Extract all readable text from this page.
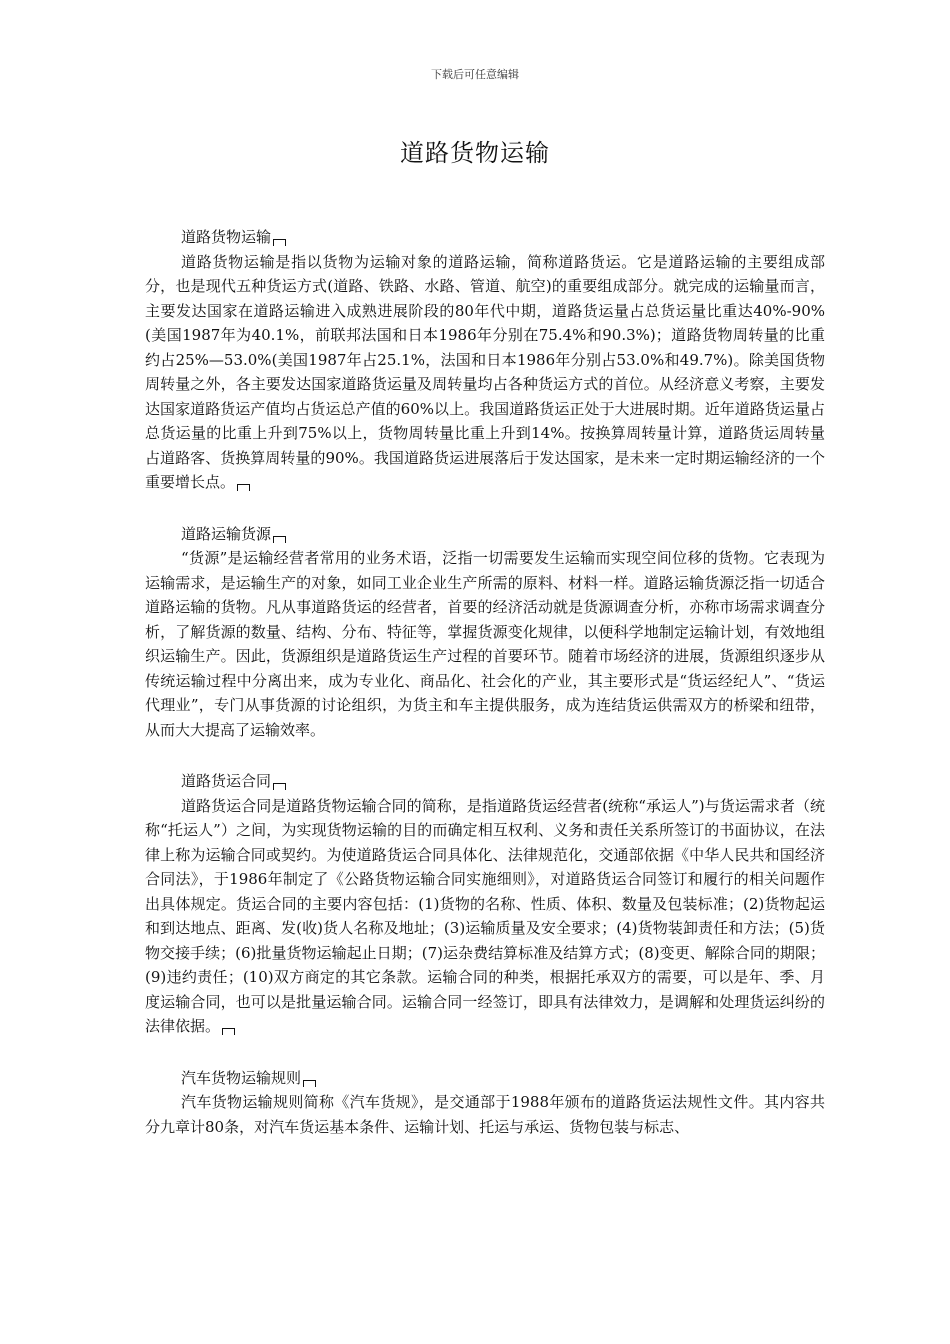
下载后可任意编辑
道路货物运输

道路货物运输

道路货物运输是指以货物为运输对象的道路运输，简称道路货运。它是道路运输的主要组成部分，也是现代五种货运方式(道路、铁路、水路、管道、航空)的重要组成部分。就完成的运输量而言，主要发达国家在道路运输进入成熟进展阶段的80年代中期，道路货运量占总货运量比重达40%-90%(美国1987年为40.1%，前联邦法国和日本1986年分别在75.4%和90.3%)；道路货物周转量的比重约占25%—53.0%(美国1987年占25.1%，法国和日本1986年分别占53.0%和49.7%)。除美国货物周转量之外，各主要发达国家道路货运量及周转量均占各种货运方式的首位。从经济意义考察，主要发达国家道路货运产值均占货运总产值的60%以上。我国道路货运正处于大进展时期。近年道路货运量占总货运量的比重上升到75%以上，货物周转量比重上升到14%。按换算周转量计算，道路货运周转量占道路客、货换算周转量的90%。我国道路货运进展落后于发达国家，是未来一定时期运输经济的一个重要增长点。

道路运输货源

“货源”是运输经营者常用的业务术语，泛指一切需要发生运输而实现空间位移的货物。它表现为运输需求，是运输生产的对象，如同工业企业生产所需的原料、材料一样。道路运输货源泛指一切适合道路运输的货物。凡从事道路货运的经营者，首要的经济活动就是货源调查分析，亦称市场需求调查分析，了解货源的数量、结构、分布、特征等，掌握货源变化规律，以便科学地制定运输计划，有效地组织运输生产。因此，货源组织是道路货运生产过程的首要环节。随着市场经济的进展，货源组织逐步从传统运输过程中分离出来，成为专业化、商品化、社会化的产业，其主要形式是“货运经纪人”、“货运代理业”，专门从事货源的讨论组织，为货主和车主提供服务，成为连结货运供需双方的桥梁和纽带，从而大大提高了运输效率。

道路货运合同

道路货运合同是道路货物运输合同的简称，是指道路货运经营者(统称“承运人”)与货运需求者（统称“托运人”）之间，为实现货物运输的目的而确定相互权利、义务和责任关系所签订的书面协议，在法律上称为运输合同或契约。为使道路货运合同具体化、法律规范化，交通部依据《中华人民共和国经济合同法》，于1986年制定了《公路货物运输合同实施细则》，对道路货运合同签订和履行的相关问题作出具体规定。货运合同的主要内容包括：(1)货物的名称、性质、体积、数量及包装标准；(2)货物起运和到达地点、距离、发(收)货人名称及地址；(3)运输质量及安全要求；(4)货物装卸责任和方法；(5)货物交接手续；(6)批量货物运输起止日期；(7)运杂费结算标准及结算方式；(8)变更、解除合同的期限；(9)违约责任；(10)双方商定的其它条款。运输合同的种类，根据托承双方的需要，可以是年、季、月度运输合同，也可以是批量运输合同。运输合同一经签订，即具有法律效力，是调解和处理货运纠纷的法律依据。

汽车货物运输规则

汽车货物运输规则简称《汽车货规》，是交通部于1988年颁布的道路货运法规性文件。其内容共分九章计80条，对汽车货运基本条件、运输计划、托运与承运、货物包装与标志、
